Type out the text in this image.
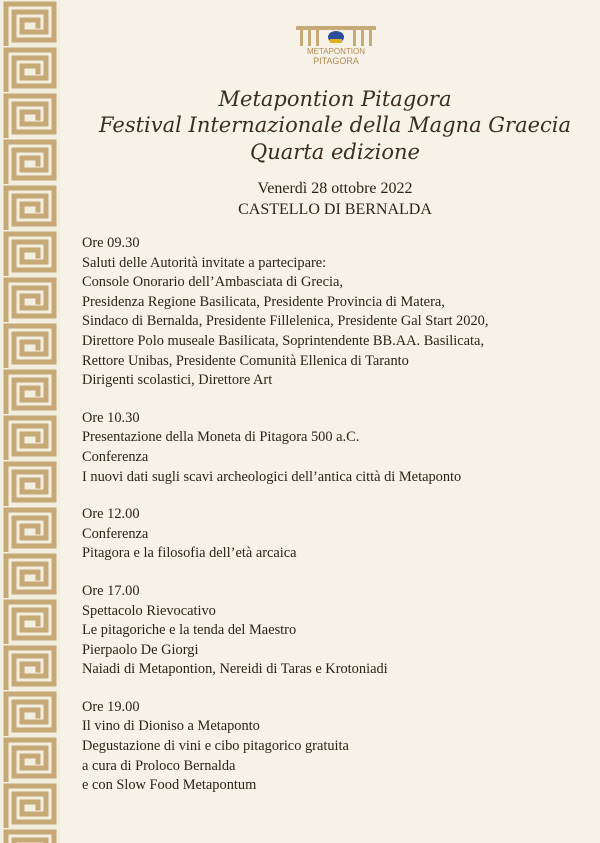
METAPONTION
PITAGORA
Metapontion Pitagora
Festival Internazionale della Magna Graecia
Quarta edizione
Venerdì 28 ottobre 2022
CASTELLO DI BERNALDA
Ore 09.30
Saluti delle Autorità invitate a partecipare:
Console Onorario dell’Ambasciata di Grecia,
Presidenza Regione Basilicata, Presidente Provincia di Matera,
Sindaco di Bernalda, Presidente Fillelenica, Presidente Gal Start 2020,
Direttore Polo museale Basilicata, Soprintendente BB.AA. Basilicata,
Rettore Unibas, Presidente Comunità Ellenica di Taranto
Dirigenti scolastici, Direttore Art
Ore 10.30
Presentazione della Moneta di Pitagora 500 a.C.
Conferenza
I nuovi dati sugli scavi archeologici dell’antica città di Metaponto
Ore 12.00
Conferenza
Pitagora e la filosofia dell’età arcaica
Ore 17.00
Spettacolo Rievocativo
Le pitagoriche e la tenda del Maestro
Pierpaolo De Giorgi
Naiadi di Metapontion, Nereidi di Taras e Krotoniadi
Ore 19.00
Il vino di Dioniso a Metaponto
Degustazione di vini e cibo pitagorico gratuita
a cura di Proloco Bernalda
e con Slow Food Metapontum
